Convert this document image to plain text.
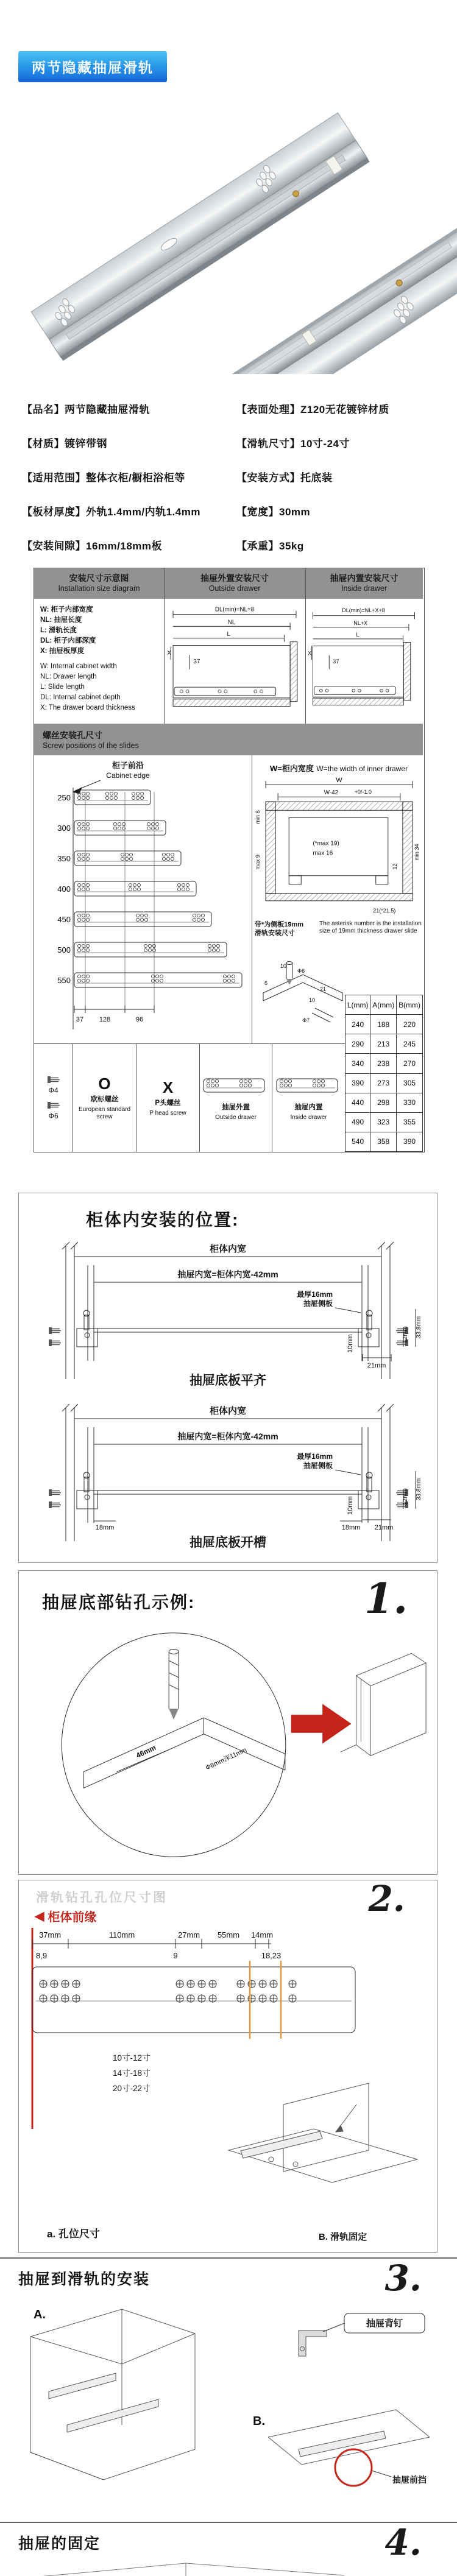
两节隐藏抽屉滑轨
【品名】两节隐藏抽屉滑轨
【材质】镀锌带钢
【适用范围】整体衣柜/橱柜浴柜等
【板材厚度】外轨1.4mm/内轨1.4mm
【安装间隙】16mm/18mm板
【表面处理】Z120无花镀锌材质
【滑轨尺寸】10寸-24寸
【安装方式】托底装
【宽度】30mm
【承重】35kg
安装尺寸示意图
Installation size diagram
抽屉外置安装尺寸
Outside drawer
抽屉内置安装尺寸
Inside drawer
W: 柜子内部宽度
NL: 抽屉长度
L: 滑轨长度
DL: 柜子内部深度
X: 抽屉板厚度
W: Internal cabinet width
NL: Drawer length
L: Slide length
DL: Internal cabinet depth
X: The drawer board thickness
DL(min)=NL+8
NL
L
X
37
DL(min)=NL+X+8
NL+X
L
X
37
螺丝安装孔尺寸
Screw positions of the slides
柜子前沿
Cabinet edge
250
300
350
400
450
500
550
37 128	96
W=柜内宽度 W=the width of inner drawer
W
W-42	+0/-1.0
min 6
max 9
(*max 19)
max 16
12
min 34
21(*21.5)
带*为侧板19mm
滑轨安装尺寸
The asterisk number is the installation size of 19mm thickness drawer slide
10
Φ6
6
21
10
Φ7
Φ4
Φ6
O
欧标螺丝
European standard screw
X
P头螺丝
P head screw
抽屉外置
Outside drawer
抽屉内置
Inside drawer
L(mm)	A(mm)	B(mm)
240	188	220
290	213	245
340	238	270
390	273	305
440	298	330
490	323	355
540	358	390
柜体内安装的位置:
柜体内宽
抽屉内宽=柜体内宽-42mm
最厚16mm
抽屉侧板
10mm	12mm 33.8mm
21mm
抽屉底板平齐
柜体内宽
抽屉内宽=柜体内宽-42mm
最厚16mm
抽屉侧板
10mm	12mm 33.8mm
18mm	18mm 21mm
抽屉底板开槽
抽屉底部钻孔示例:	1.
46mm	Φ8mm深11mm
滑轨钻孔孔位尺寸图	2.
◀ 柜体前缘
37mm	110mm	27mm 55mm 14mm
8,9	9	18,23
10寸-12寸
14寸-18寸
20寸-22寸
a. 孔位尺寸	B. 滑轨固定
抽屉到滑轨的安装	3.
A.
抽屉背钉
B.
抽屉前挡
抽屉的固定	4.
